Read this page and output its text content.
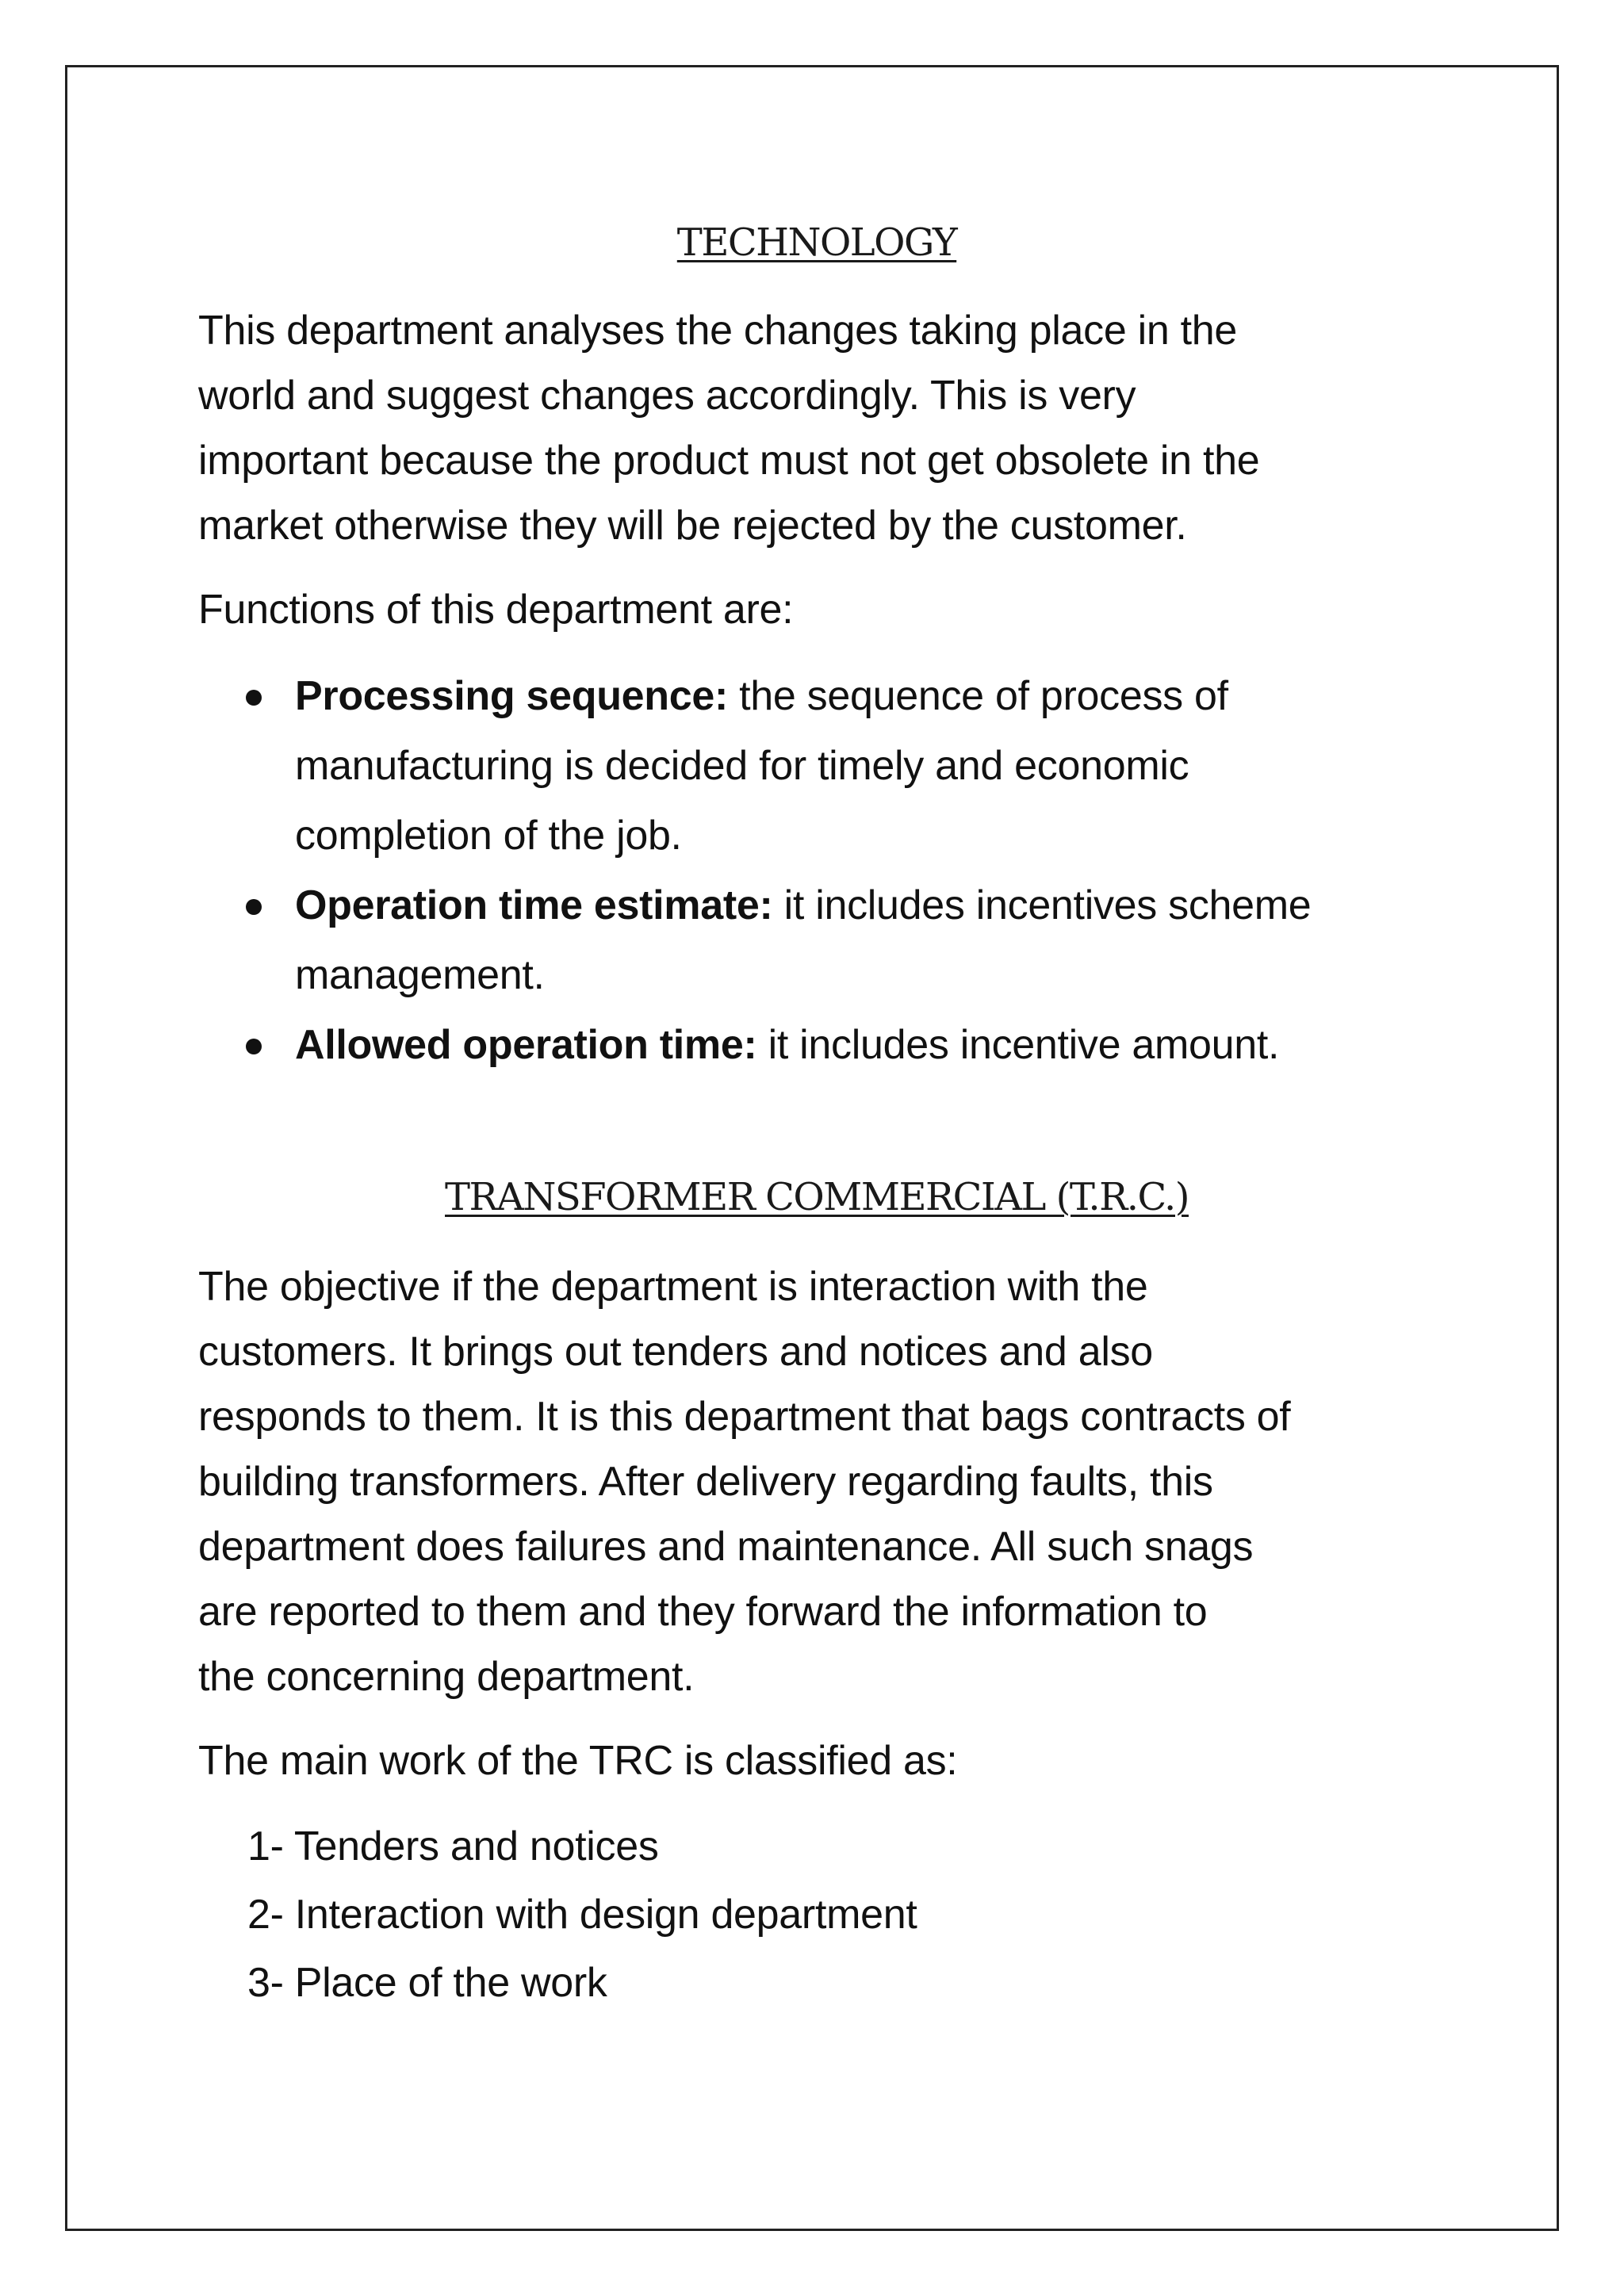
TECHNOLOGY

This department analyses the changes taking place in the
world and suggest changes accordingly. This is very
important because the product must not get obsolete in the
market otherwise they will be rejected by the customer.

Functions of this department are:

Processing sequence: the sequence of process of
manufacturing is decided for timely and economic
completion of the job.
Operation time estimate: it includes incentives scheme
management.
Allowed operation time: it includes incentive amount.
TRANSFORMER COMMERCIAL (T.R.C.)

The objective if the department is interaction with the
customers. It brings out tenders and notices and also
responds to them. It is this department that bags contracts of
building transformers. After delivery regarding faults, this
department does failures and maintenance. All such snags
are reported to them and they forward the information to
the concerning department.

The main work of the TRC is classified as:

1- Tenders and notices
2- Interaction with design department
3- Place of the work
